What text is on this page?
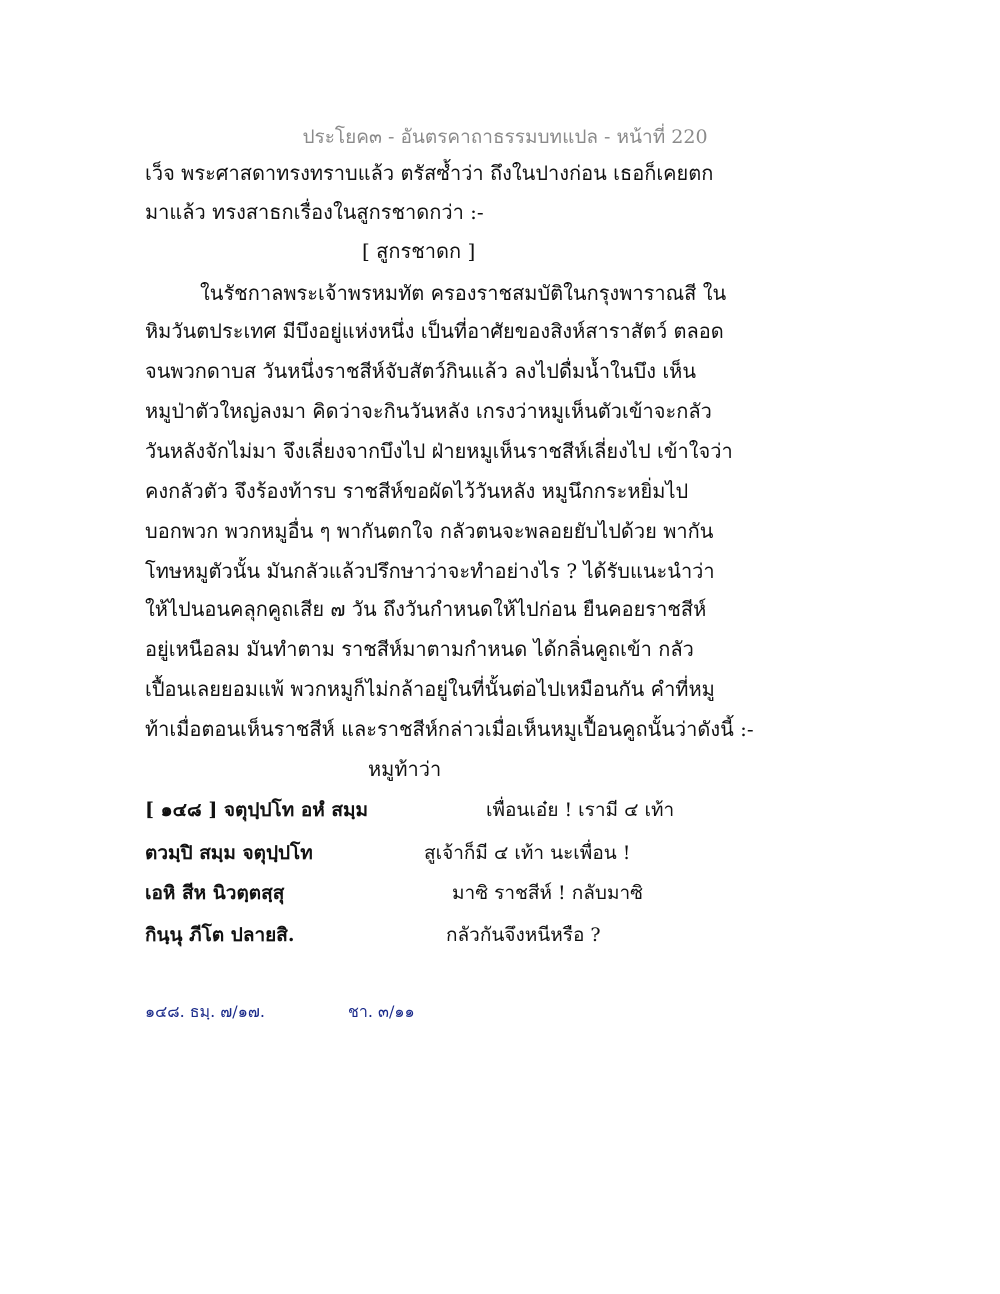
ประโยค๓ - อันตรคาถาธรรมบทแปล - หน้าที่ 220
เว็จ พระศาสดาทรงทราบแล้ว ตรัสซ้ำว่า ถึงในปางก่อน เธอก็เคยตก
มาแล้ว ทรงสาธกเรื่องในสูกรชาดกว่า :-
[ สูกรชาดก ]
ในรัชกาลพระเจ้าพรหมทัต ครองราชสมบัติในกรุงพาราณสี ใน
หิมวันตประเทศ มีบึงอยู่แห่งหนึ่ง เป็นที่อาศัยของสิงห์สาราสัตว์ ตลอด
จนพวกดาบส วันหนึ่งราชสีห์จับสัตว์กินแล้ว ลงไปดื่มน้ำในบึง เห็น
หมูป่าตัวใหญ่ลงมา คิดว่าจะกินวันหลัง เกรงว่าหมูเห็นตัวเข้าจะกลัว
วันหลังจักไม่มา จึงเลี่ยงจากบึงไป ฝ่ายหมูเห็นราชสีห์เลี่ยงไป เข้าใจว่า
คงกลัวตัว จึงร้องท้ารบ ราชสีห์ขอผัดไว้วันหลัง หมูนึกกระหยิ่มไป
บอกพวก พวกหมูอื่น ๆ พากันตกใจ กลัวตนจะพลอยยับไปด้วย พากัน
โทษหมูตัวนั้น มันกลัวแล้วปรึกษาว่าจะทำอย่างไร ? ได้รับแนะนำว่า
ให้ไปนอนคลุกคูถเสีย ๗ วัน ถึงวันกำหนดให้ไปก่อน ยืนคอยราชสีห์
อยู่เหนือลม มันทำตาม ราชสีห์มาตามกำหนด ได้กลิ่นคูถเข้า กลัว
เปื้อนเลยยอมแพ้ พวกหมูก็ไม่กล้าอยู่ในที่นั้นต่อไปเหมือนกัน คำที่หมู
ท้าเมื่อตอนเห็นราชสีห์ และราชสีห์กล่าวเมื่อเห็นหมูเปื้อนคูถนั้นว่าดังนี้ :-
หมูท้าว่า
[ ๑๔๘ ] จตุปฺปโท อหํ สมฺม	เพื่อนเอ๋ย ! เรามี ๔ เท้า
ตวมฺปิ สมฺม จตุปฺปโท	สูเจ้าก็มี ๔ เท้า นะเพื่อน !
เอหิ สีห นิวตฺตสฺสุ	มาซิ ราชสีห์ ! กลับมาซิ
กินฺนุ ภีโต ปลายสิ.	กลัวกันจึงหนีหรือ ?
๑๔๘. ธมฺ. ๗/๑๗.	ชา. ๓/๑๑
